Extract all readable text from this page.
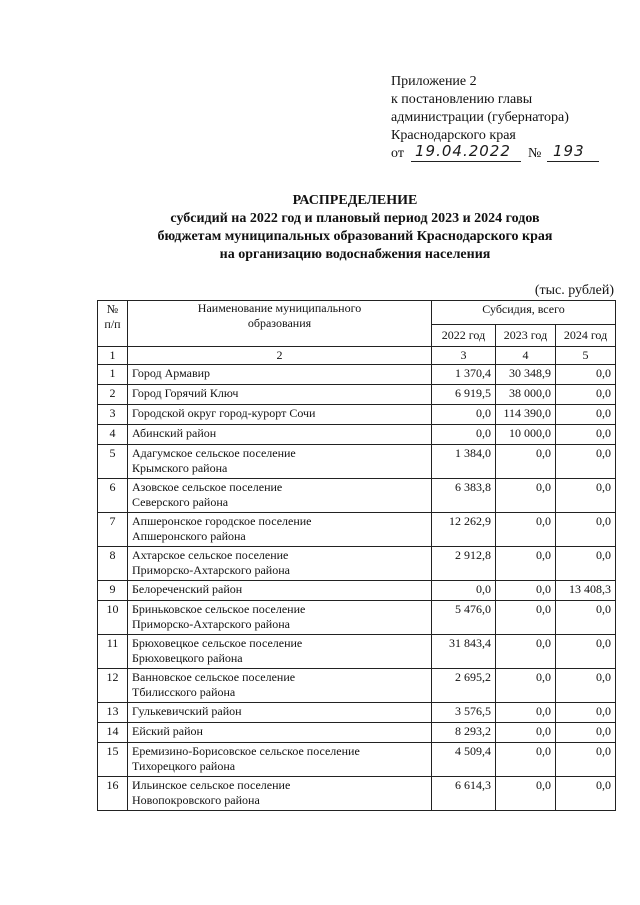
Приложение 2
к постановлению главы
администрации (губернатора)
Краснодарского края
от 19.04.2022 № 193
РАСПРЕДЕЛЕНИЕ
субсидий на 2022 год и плановый период 2023 и 2024 годов
бюджетам муниципальных образований Краснодарского края
на организацию водоснабжения населения
(тыс. рублей)
№ п/п	Наименование муниципального образования	Субсидия, всего		
		2022 год	2023 год	2024 год
1	2	3	4	5
1	Город Армавир	1 370,4	30 348,9	0,0
2	Город Горячий Ключ	6 919,5	38 000,0	0,0
3	Городской округ город-курорт Сочи	0,0	114 390,0	0,0
4	Абинский район	0,0	10 000,0	0,0
5	Адагумское сельское поселение
Крымского района	1 384,0	0,0	0,0
6	Азовское сельское поселение
Северского района	6 383,8	0,0	0,0
7	Апшеронское городское поселение
Апшеронского района	12 262,9	0,0	0,0
8	Ахтарское сельское поселение
Приморско-Ахтарского района	2 912,8	0,0	0,0
9	Белореченский район	0,0	0,0	13 408,3
10	Бриньковское сельское поселение
Приморско-Ахтарского района	5 476,0	0,0	0,0
11	Брюховецкое сельское поселение
Брюховецкого района	31 843,4	0,0	0,0
12	Ванновское сельское поселение
Тбилисского района	2 695,2	0,0	0,0
13	Гулькевичский район	3 576,5	0,0	0,0
14	Ейский район	8 293,2	0,0	0,0
15	Еремизино-Борисовское сельское поселение
Тихорецкого района	4 509,4	0,0	0,0
16	Ильинское сельское поселение
Новопокровского района	6 614,3	0,0	0,0
